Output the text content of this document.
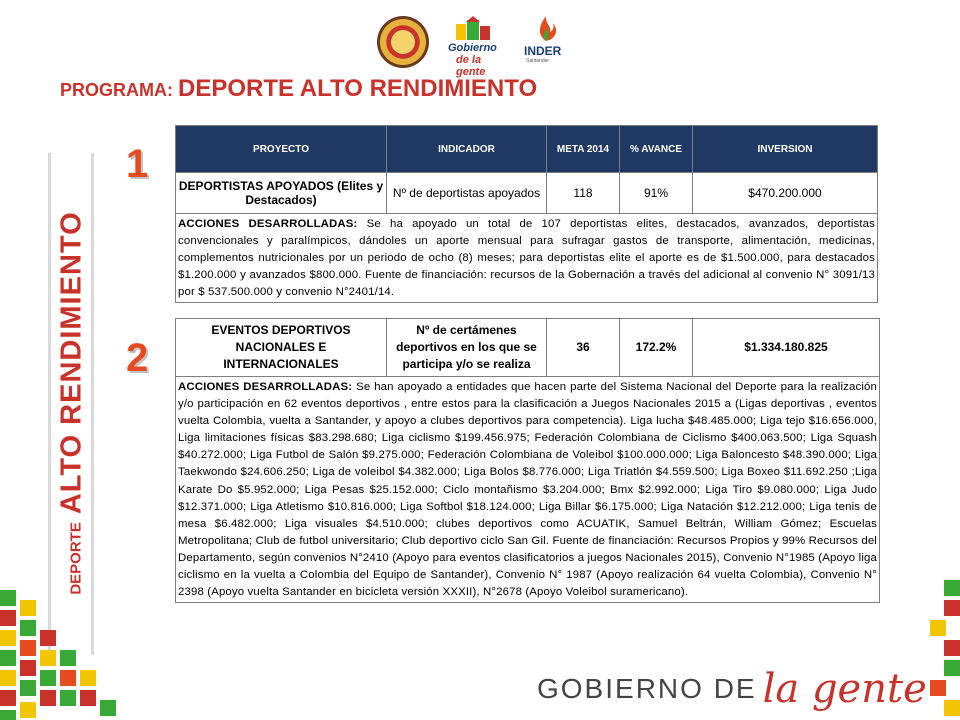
Gobierno
de la gente
INDER
Santander
PROGRAMA: DEPORTE ALTO RENDIMIENTO
DEPORTEALTO RENDIMIENTO
1
2
PROYECTO	INDICADOR	META 2014	% AVANCE	INVERSION
DEPORTISTAS APOYADOS (Elites y Destacados)	Nº de deportistas apoyados	118	91%	$470.200.000
ACCIONES DESARROLLADAS: Se ha apoyado un total de 107 deportistas elites, destacados, avanzados, deportistas convencionales y paralímpicos, dándoles un aporte mensual para sufragar gastos de transporte, alimentación, medicinas, complementos nutricionales por un periodo de ocho (8) meses; para deportistas elite el aporte es de $1.500.000, para destacados $1.200.000 y avanzados $800.000. Fuente de financiación: recursos de la Gobernación a través del adicional al convenio N° 3091/13 por $ 537.500.000 y convenio N°2401/14.				
EVENTOS DEPORTIVOS NACIONALES E INTERNACIONALES	Nº de certámenes deportivos en los que se participa y/o se realiza	36	172.2%	$1.334.180.825
ACCIONES DESARROLLADAS: Se han apoyado a entidades que hacen parte del Sistema Nacional del Deporte para la realización y/o participación en 62 eventos deportivos , entre estos para la clasificación a Juegos Nacionales 2015 a (Ligas deportivas , eventos vuelta Colombia, vuelta a Santander, y apoyo a clubes deportivos para competencia). Liga lucha $48.485.000; Liga tejo $16.656.000, Liga limitaciones físicas $83.298.680; Liga ciclismo $199.456.975; Federación Colombiana de Ciclismo $400.063.500; Liga Squash $40.272.000; Liga Futbol de Salón $9.275.000; Federación Colombiana de Voleibol $100.000.000; Liga Baloncesto $48.390.000; Liga Taekwondo $24.606.250; Liga de voleibol $4.382.000; Liga Bolos $8.776.000; Liga Triatlón $4.559.500; Liga Boxeo $11.692.250 ;Liga Karate Do $5.952.000; Liga Pesas $25.152.000; Ciclo montañismo $3.204.000; Bmx $2.992.000; Liga Tiro $9.080.000; Liga Judo $12.371.000; Liga Atletismo $10.816.000; Liga Softbol $18.124.000; Liga Billar $6.175.000; Liga Natación $12.212.000; Liga tenis de mesa $6.482.000; Liga visuales $4.510.000; clubes deportivos como ACUATIK, Samuel Beltrán, William Gómez; Escuelas Metropolitana; Club de futbol universitario; Club deportivo ciclo San Gil. Fuente de financiación: Recursos Propios y 99% Recursos del Departamento, según convenios N°2410 (Apoyo para eventos clasificatorios a juegos Nacionales 2015), Convenio N°1985 (Apoyo liga ciclismo en la vuelta a Colombia del Equipo de Santander), Convenio N° 1987 (Apoyo realización 64 vuelta Colombia), Convenio N° 2398 (Apoyo vuelta Santander en bicicleta versión XXXII), N°2678 (Apoyo Voleibol suramericano).
GOBIERNO DE la gente
